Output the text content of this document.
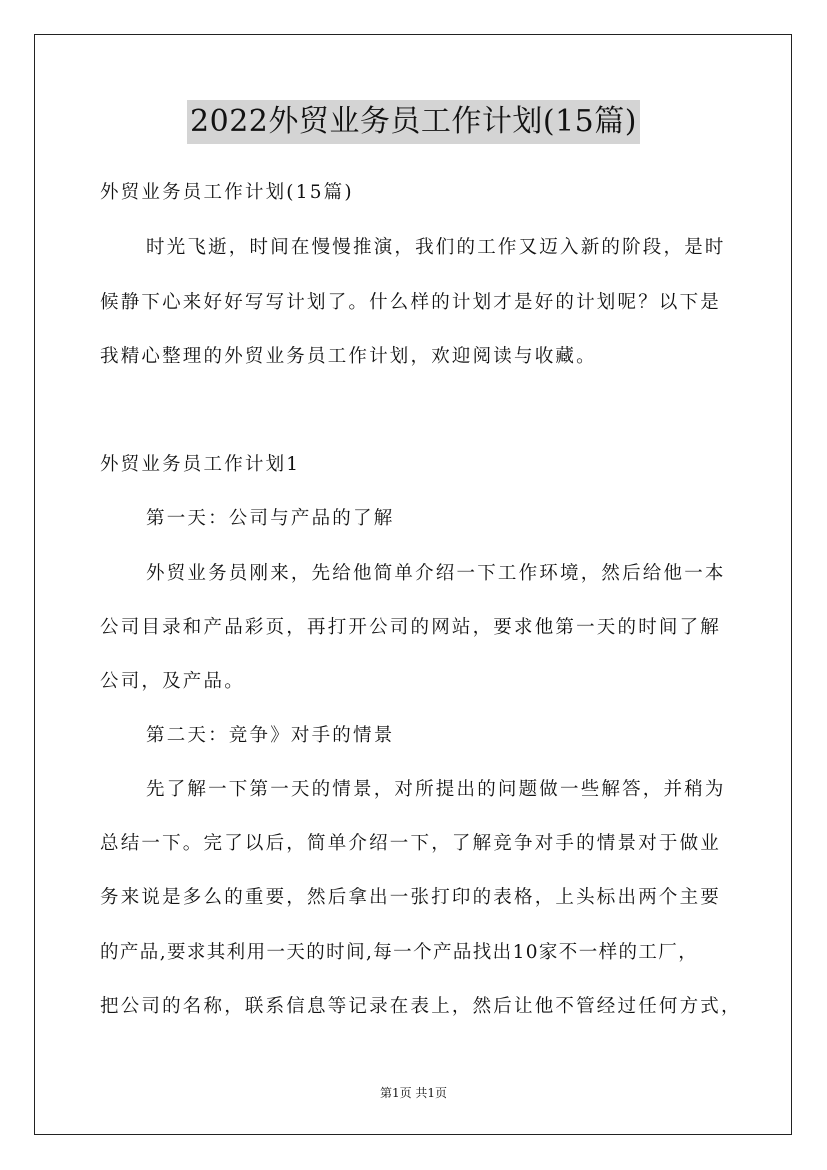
2022外贸业务员工作计划(15篇)
外贸业务员工作计划(15篇)
时光飞逝，时间在慢慢推演，我们的工作又迈入新的阶段，是时
候静下心来好好写写计划了。什么样的计划才是好的计划呢？以下是
我精心整理的外贸业务员工作计划，欢迎阅读与收藏。
外贸业务员工作计划1
第一天：公司与产品的了解
外贸业务员刚来，先给他简单介绍一下工作环境，然后给他一本
公司目录和产品彩页，再打开公司的网站，要求他第一天的时间了解
公司，及产品。
第二天：竞争》对手的情景
先了解一下第一天的情景，对所提出的问题做一些解答，并稍为
总结一下。完了以后，简单介绍一下，了解竞争对手的情景对于做业
务来说是多么的重要，然后拿出一张打印的表格，上头标出两个主要
的产品,要求其利用一天的时间,每一个产品找出10家不一样的工厂，
把公司的名称，联系信息等记录在表上，然后让他不管经过任何方式，
第1页 共1页
